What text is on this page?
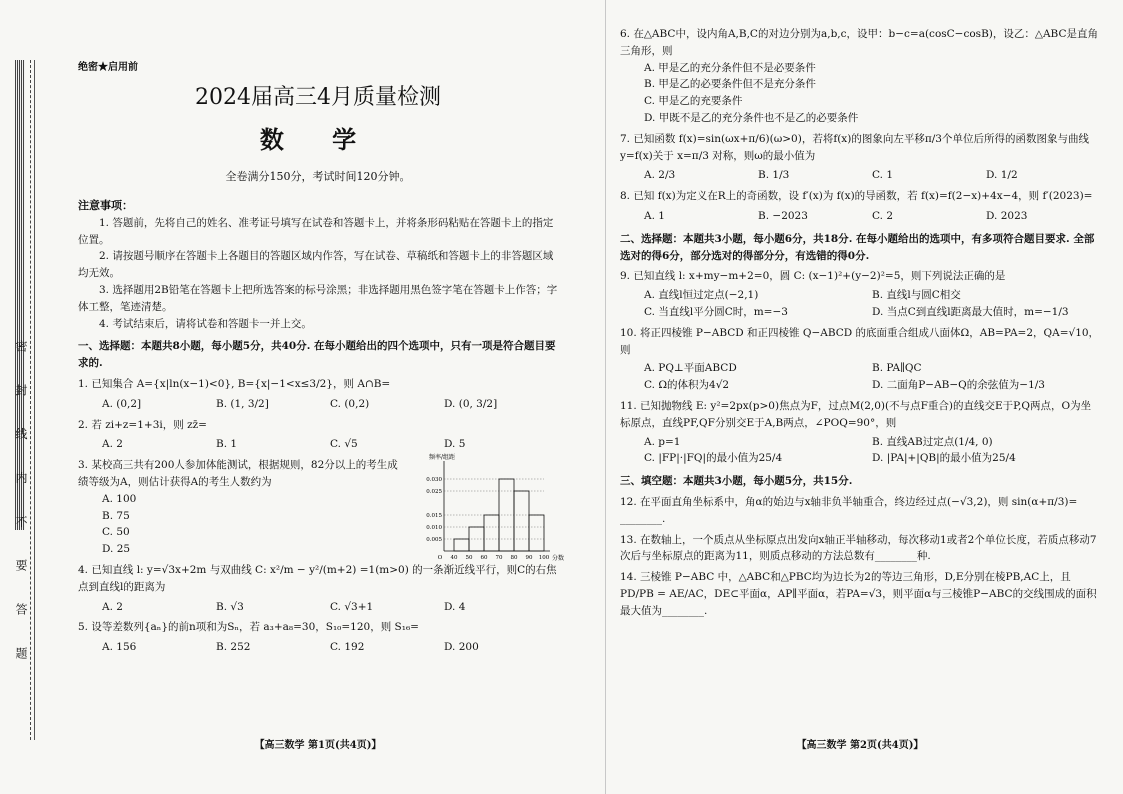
密 封 线 内 不 要 答 题
绝密★启用前
2024届高三4月质量检测
数 学
全卷满分150分，考试时间120分钟。
注意事项：

1. 答题前，先将自己的姓名、准考证号填写在试卷和答题卡上，并将条形码粘贴在答题卡上的指定位置。

2. 请按题号顺序在答题卡上各题目的答题区域内作答，写在试卷、草稿纸和答题卡上的非答题区域均无效。

3. 选择题用2B铅笔在答题卡上把所选答案的标号涂黑；非选择题用黑色签字笔在答题卡上作答；字体工整，笔迹清楚。

4. 考试结束后，请将试卷和答题卡一并上交。

一、选择题：本题共8小题，每小题5分，共40分. 在每小题给出的四个选项中，只有一项是符合题目要求的.
1. 已知集合 A={x|ln(x−1)<0}, B={x|−1<x≤3/2}，则 A∩B=
A. (0,2]	B. (1, 3/2]	C. (0,2)	D. (0, 3/2]
2. 若 zi+z=1+3i，则 zz̄=
A. 2	B. 1	C. √5	D. 5
3. 某校高三共有200人参加体能测试，根据规则，82分以上的考生成绩等级为A，则估计获得A的考生人数约为
A. 100
B. 75
C. 50
D. 25
频率/组距
分数
0.005
0.010
0.015
0.025
0.030
O 40 50 60 70 80 90 100
4. 已知直线 l: y=√3x+2m 与双曲线 C: x²/m − y²/(m+2) =1(m>0) 的一条渐近线平行，则C的右焦点到直线l的距离为
A. 2	B. √3	C. √3+1	D. 4
5. 设等差数列{aₙ}的前n项和为Sₙ，若 a₃+a₈=30，S₁₀=120，则 S₁₆=
A. 156	B. 252	C. 192	D. 200
【高三数学 第1页(共4页)】
6. 在△ABC中，设内角A,B,C的对边分别为a,b,c，设甲：b−c=a(cosC−cosB)，设乙：△ABC是直角三角形，则
A. 甲是乙的充分条件但不是必要条件
B. 甲是乙的必要条件但不是充分条件
C. 甲是乙的充要条件
D. 甲既不是乙的充分条件也不是乙的必要条件
7. 已知函数 f(x)=sin(ωx+π/6)(ω>0)，若将f(x)的图象向左平移π/3个单位后所得的函数图象与曲线 y=f(x)关于 x=π/3 对称，则ω的最小值为
A. 2/3	B. 1/3	C. 1	D. 1/2
8. 已知 f(x)为定义在R上的奇函数，设 f′(x)为 f(x)的导函数，若 f(x)=f(2−x)+4x−4，则 f′(2023)=
A. 1	B. −2023	C. 2	D. 2023
二、选择题：本题共3小题，每小题6分，共18分. 在每小题给出的选项中，有多项符合题目要求. 全部选对的得6分，部分选对的得部分分，有选错的得0分.
9. 已知直线 l: x+my−m+2=0，圆 C: (x−1)²+(y−2)²=5，则下列说法正确的是
A. 直线l恒过定点(−2,1)	B. 直线l与圆C相交
C. 当直线l平分圆C时，m=−3	D. 当点C到直线l距离最大值时，m=−1/3
10. 将正四棱锥 P−ABCD 和正四棱锥 Q−ABCD 的底面重合组成八面体Ω，AB=PA=2，QA=√10，则
A. PQ⊥平面ABCD	B. PA∥QC
C. Ω的体积为4√2	D. 二面角P−AB−Q的余弦值为−1/3
11. 已知抛物线 E: y²=2px(p>0)焦点为F，过点M(2,0)(不与点F重合)的直线交E于P,Q两点，O为坐标原点，直线PF,QF分别交E于A,B两点，∠POQ=90°，则
A. p=1	B. 直线AB过定点(1/4, 0)
C. |FP|·|FQ|的最小值为25/4	D. |PA|+|QB|的最小值为25/4
三、填空题：本题共3小题，每小题5分，共15分.
12. 在平面直角坐标系中，角α的始边与x轴非负半轴重合，终边经过点(−√3,2)，则 sin(α+π/3)= ________.
13. 在数轴上，一个质点从坐标原点出发向x轴正半轴移动，每次移动1或者2个单位长度，若质点移动7次后与坐标原点的距离为11，则质点移动的方法总数有________种.
14. 三棱锥 P−ABC 中，△ABC和△PBC均为边长为2的等边三角形，D,E分别在棱PB,AC上，且 PD/PB = AE/AC，DE⊂平面α，AP∥平面α，若PA=√3，则平面α与三棱锥P−ABC的交线围成的面积最大值为________.
【高三数学 第2页(共4页)】
